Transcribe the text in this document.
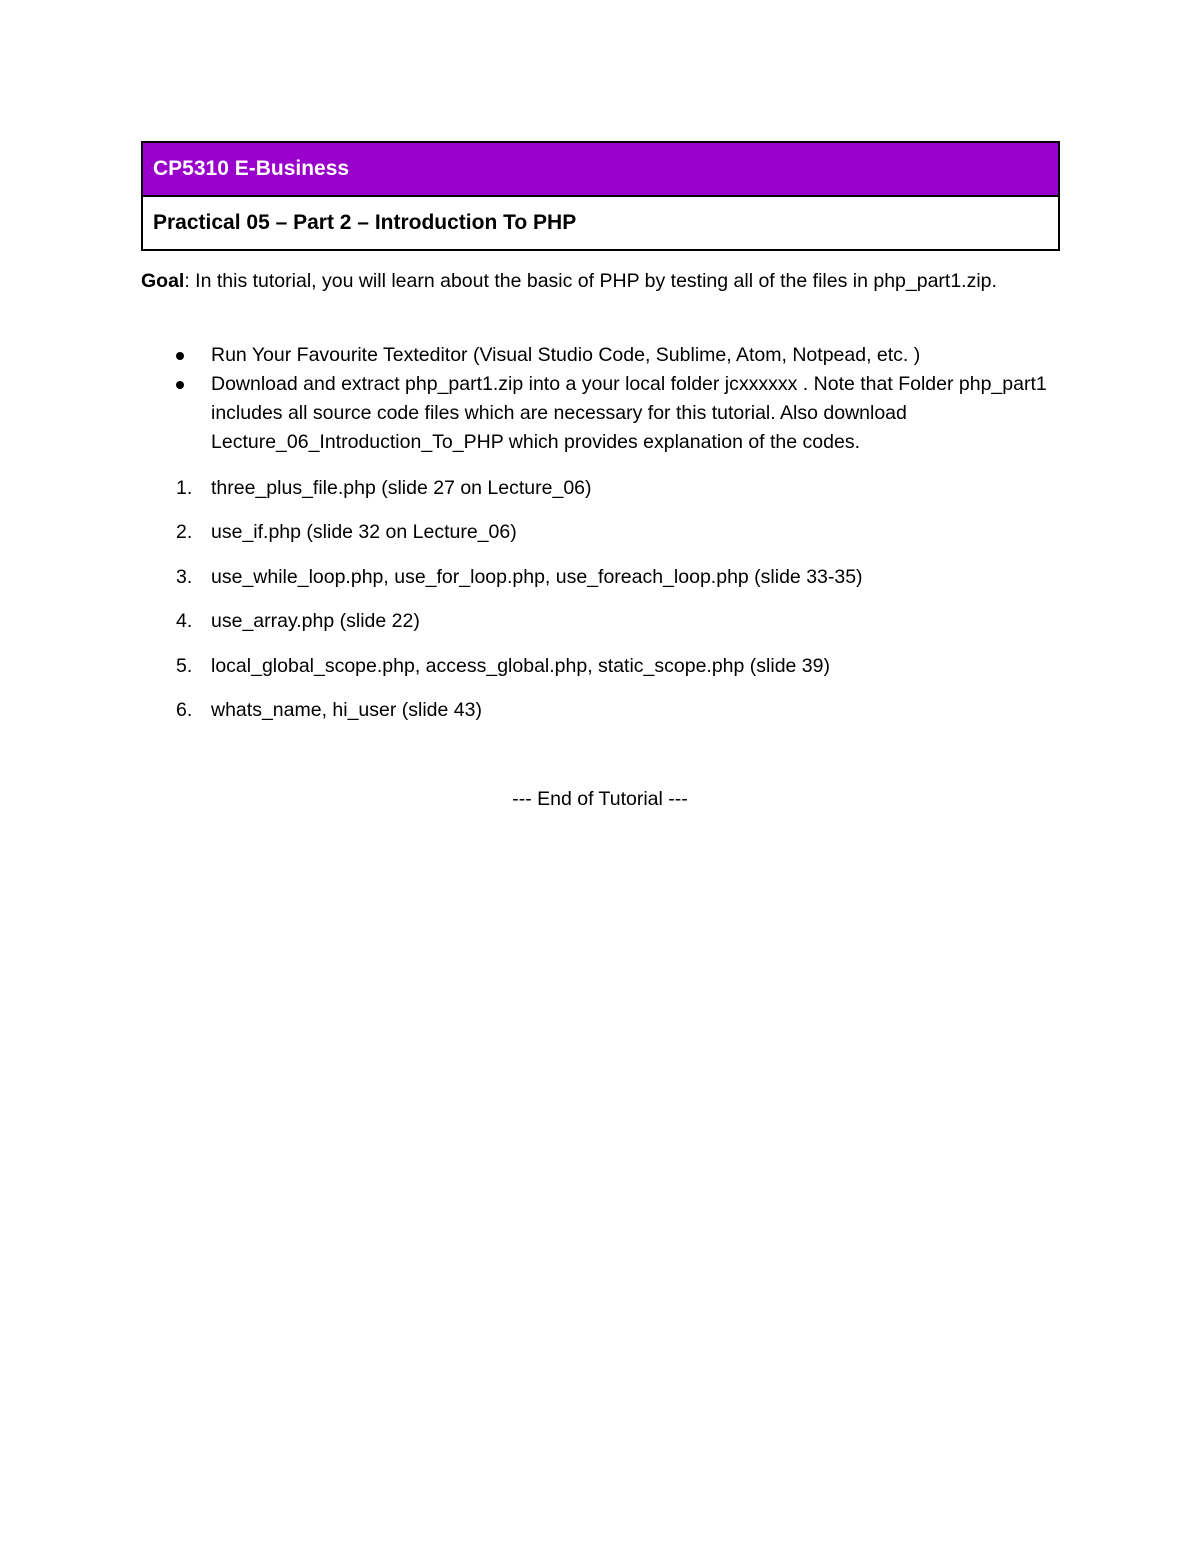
CP5310 E-Business
Practical 05 – Part 2 – Introduction To PHP
Goal: In this tutorial, you will learn about the basic of PHP by testing all of the files in php_part1.zip.
Run Your Favourite Texteditor (Visual Studio Code, Sublime, Atom, Notpead, etc. )
Download and extract php_part1.zip into a your local folder jcxxxxxx . Note that Folder php_part1 includes all source code files which are necessary for this tutorial. Also download Lecture_06_Introduction_To_PHP which provides explanation of the codes.
1. three_plus_file.php (slide 27 on Lecture_06)
2. use_if.php (slide 32 on Lecture_06)
3. use_while_loop.php, use_for_loop.php, use_foreach_loop.php (slide 33-35)
4. use_array.php (slide 22)
5. local_global_scope.php, access_global.php, static_scope.php (slide 39)
6. whats_name, hi_user (slide 43)
--- End of Tutorial ---
